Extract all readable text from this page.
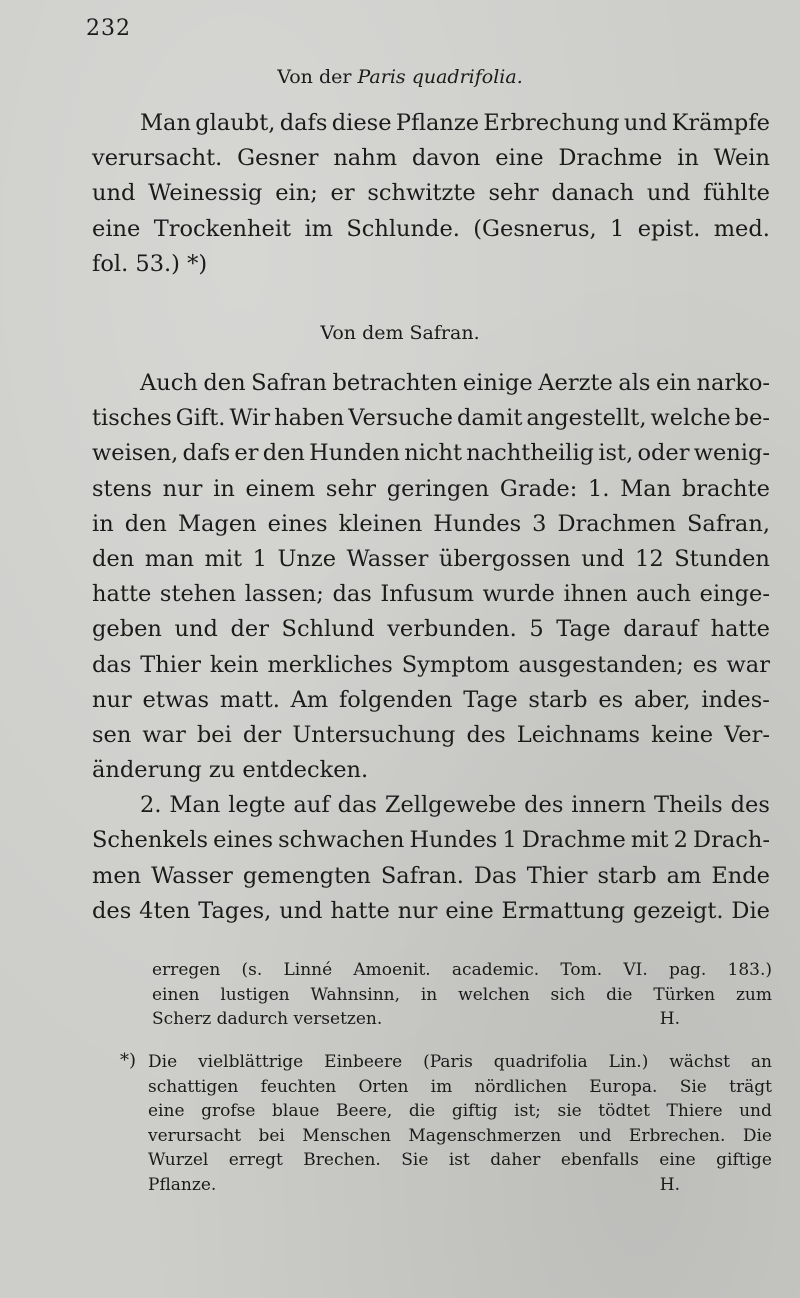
232
Von der Paris quadrifolia.
Man glaubt, dafs diese Pflanze Erbrechung und Krämpfe
verursacht. Gesner nahm davon eine Drachme in Wein
und Weinessig ein; er schwitzte sehr danach und fühlte
eine Trockenheit im Schlunde. (Gesnerus, 1 epist. med.
fol. 53.) *)
Von dem Safran.
Auch den Safran betrachten einige Aerzte als ein narko-
tisches Gift. Wir haben Versuche damit angestellt, welche be-
weisen, dafs er den Hunden nicht nachtheilig ist, oder wenig-
stens nur in einem sehr geringen Grade: 1. Man brachte
in den Magen eines kleinen Hundes 3 Drachmen Safran,
den man mit 1 Unze Wasser übergossen und 12 Stunden
hatte stehen lassen; das Infusum wurde ihnen auch einge-
geben und der Schlund verbunden. 5 Tage darauf hatte
das Thier kein merkliches Symptom ausgestanden; es war
nur etwas matt. Am folgenden Tage starb es aber, indes-
sen war bei der Untersuchung des Leichnams keine Ver-
änderung zu entdecken.
2. Man legte auf das Zellgewebe des innern Theils des
Schenkels eines schwachen Hundes 1 Drachme mit 2 Drach-
men Wasser gemengten Safran. Das Thier starb am Ende
des 4ten Tages, und hatte nur eine Ermattung gezeigt. Die
erregen (s. Linné Amoenit. academic. Tom. VI. pag. 183.)
einen lustigen Wahnsinn, in welchen sich die Türken zum
Scherz dadurch versetzen.	H.
*) Die vielblättrige Einbeere (Paris quadrifolia Lin.) wächst an
schattigen feuchten Orten im nördlichen Europa. Sie trägt
eine grofse blaue Beere, die giftig ist; sie tödtet Thiere und
verursacht bei Menschen Magenschmerzen und Erbrechen. Die
Wurzel erregt Brechen. Sie ist daher ebenfalls eine giftige
Pflanze.	H.
